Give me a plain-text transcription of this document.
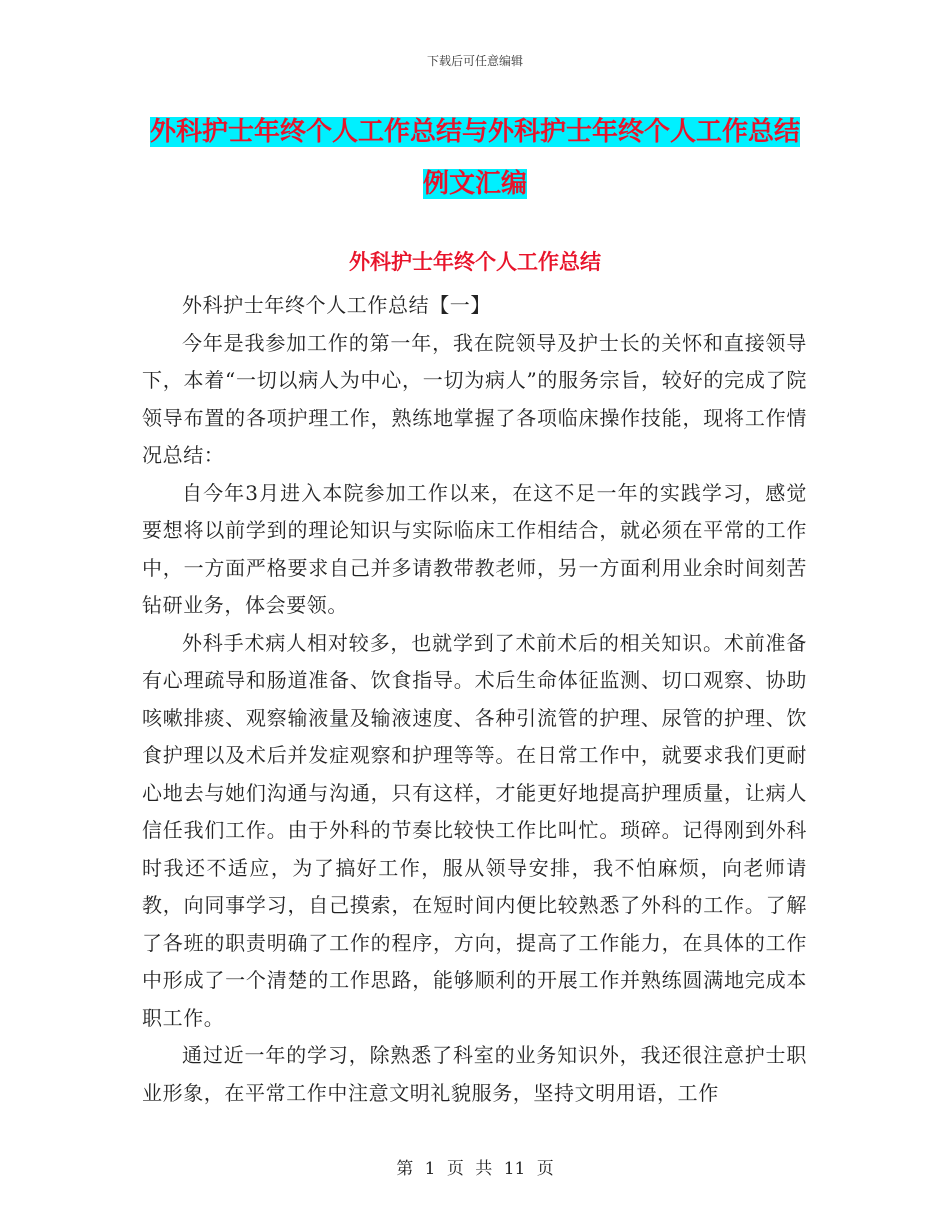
下载后可任意编辑
外科护士年终个人工作总结与外科护士年终个人工作总结例文汇编
外科护士年终个人工作总结

外科护士年终个人工作总结【一】

今年是我参加工作的第一年，我在院领导及护士长的关怀和直接领导下，本着“一切以病人为中心，一切为病人”的服务宗旨，较好的完成了院领导布置的各项护理工作，熟练地掌握了各项临床操作技能，现将工作情况总结：

自今年3月进入本院参加工作以来，在这不足一年的实践学习，感觉要想将以前学到的理论知识与实际临床工作相结合，就必须在平常的工作中，一方面严格要求自己并多请教带教老师，另一方面利用业余时间刻苦钻研业务，体会要领。

外科手术病人相对较多，也就学到了术前术后的相关知识。术前准备有心理疏导和肠道准备、饮食指导。术后生命体征监测、切口观察、协助咳嗽排痰、观察输液量及输液速度、各种引流管的护理、尿管的护理、饮食护理以及术后并发症观察和护理等等。在日常工作中，就要求我们更耐心地去与她们沟通与沟通，只有这样，才能更好地提高护理质量，让病人信任我们工作。由于外科的节奏比较快工作比叫忙。琐碎。记得刚到外科时我还不适应，为了搞好工作，服从领导安排，我不怕麻烦，向老师请教，向同事学习，自己摸索，在短时间内便比较熟悉了外科的工作。了解了各班的职责明确了工作的程序，方向，提高了工作能力，在具体的工作中形成了一个清楚的工作思路，能够顺利的开展工作并熟练圆满地完成本职工作。

通过近一年的学习，除熟悉了科室的业务知识外，我还很注意护士职业形象，在平常工作中注意文明礼貌服务，坚持文明用语，工作

第 1 页 共 11 页
